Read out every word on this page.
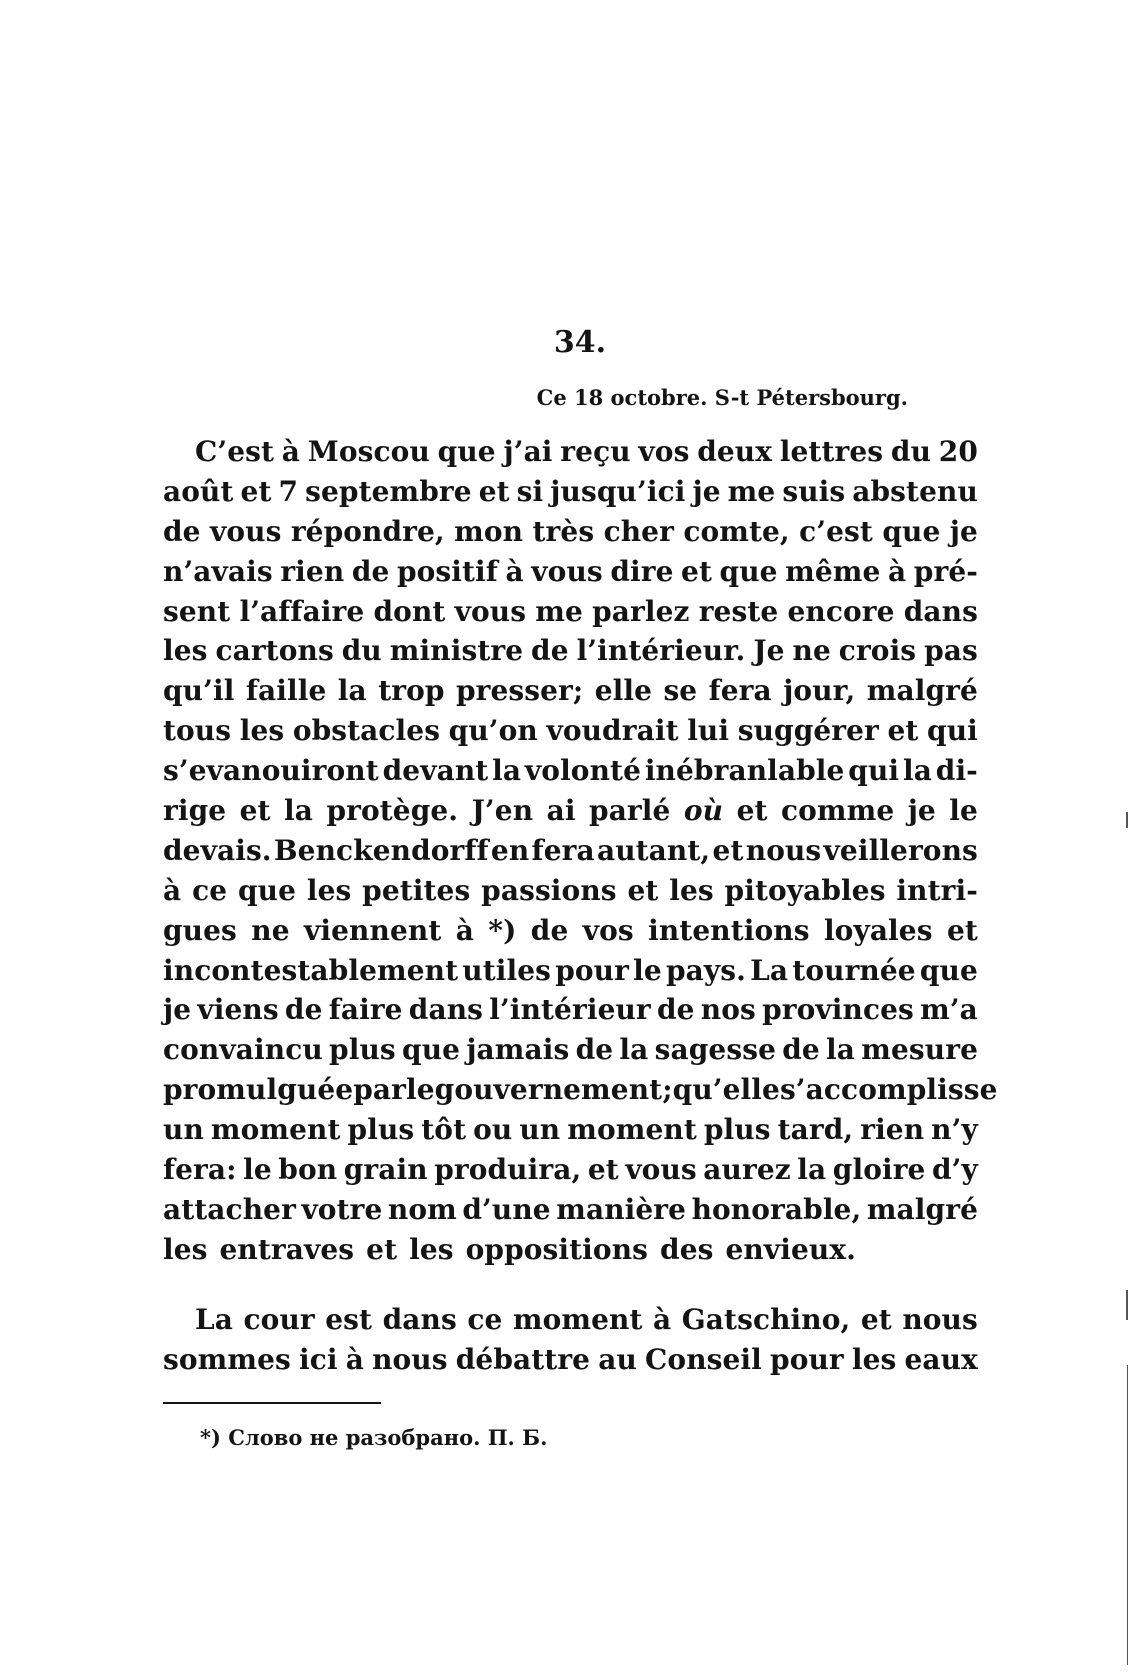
34.
Ce 18 octobre. S-t Pétersbourg.
C’est à Moscou que j’ai reçu vos deux lettres du 20
août et 7 septembre et si jusqu’ici je me suis abstenu
de vous répondre, mon très cher comte, c’est que je
n’avais rien de positif à vous dire et que même à pré-
sent l’affaire dont vous me parlez reste encore dans
les cartons du ministre de l’intérieur. Je ne crois pas
qu’il faille la trop presser; elle se fera jour, malgré
tous les obstacles qu’on voudrait lui suggérer et qui
s’evanouiront devant la volonté inébranlable qui la di-
rige et la protège. J’en ai parlé où et comme je le
devais. Benckendorff en fera autant, et nous veillerons
à ce que les petites passions et les pitoyables intri-
gues ne viennent à *) de vos intentions loyales et
incontestablement utiles pour le pays. La tournée que
je viens de faire dans l’intérieur de nos provinces m’a
convaincu plus que jamais de la sagesse de la mesure
promulguée par le gouvernement; qu’elle s’accomplisse
un moment plus tôt ou un moment plus tard, rien n’y
fera: le bon grain produira, et vous aurez la gloire d’y
attacher votre nom d’une manière honorable, malgré
les entraves et les oppositions des envieux.
La cour est dans ce moment à Gatschino, et nous
sommes ici à nous débattre au Conseil pour les eaux
*) Слово не разобрано. П. Б.
